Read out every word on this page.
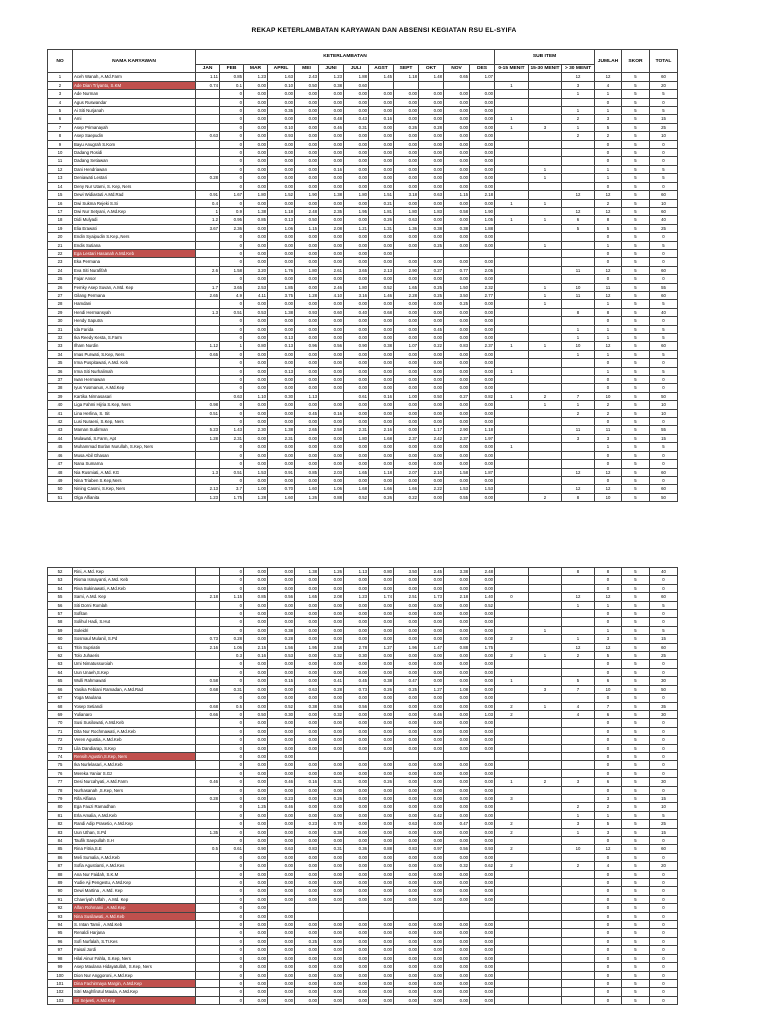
REKAP KETERLAMBATAN KARYAWAN DAN ABSENSI KEGIATAN RSU EL-SYIFA
NO	NAMA KARYAWAN	KETERLAMBATAN												SUB ITEM			JUMLAH	SKOR	TOTAL
		JAN	FEB	MAR	APRIL	MEI	JUNI	JULI	AGST	SEPT	OKT	NOV	DES	0-15 MENIT	15-30 MENIT	> 30 MENIT			
1	Aceh Wanah, A.Md.Farm	1.11	0.85	1.23	1.63	2.43	1.23	1.88	1.45	1.18	1.48	0.65	1.07			12	12	5	60
2	Ade Dian Triyanto, S.KM	0.74	0.1	0.00	0.10	0.50	0.38	0.60						1		3	4	5	20
3	Ade Nurman		0	0.00	0.00	0.00	0.00	0.00	0.00	0.00	0.00	0.00	0.00			1	1	5	5
4	Agus Ruswandar		0	0.00	0.00	0.00	0.00	0.00	0.00	0.00	0.00	0.00	0.00				0	5	0
5	Ai Siti Nurjanah		0	0.00	0.35	0.00	0.00	0.00	0.00	0.00	0.00	0.00	0.00			1	1	5	5
6	Ami		0	0.00	0.00	0.00	0.48	0.43	0.16	0.00	0.00	0.00	0.00	1		2	3	5	15
7	Asep Primanayah		0	0.00	0.10	0.00	0.46	0.31	0.00	0.26	0.28	0.00	0.00	1	3	1	5	5	25
8	Asep Saepudin	0.63	0	0.00	0.93	0.00	0.00	0.00	0.00	0.00	0.00	0.00	0.00			2	2	5	10
9	Bayu Anugrah S.Kom		0	0.00	0.00	0.00	0.00	0.00	0.00	0.00	0.00	0.00	0.00				0	5	0
10	Dadang Rosidi		0	0.00	0.00	0.00	0.00	0.00	0.00	0.00	0.00	0.00	0.00				0	5	0
11	Dadang Setiawan		0	0.00	0.00	0.00	0.00	0.00	0.00	0.00	0.00	0.00	0.00				0	5	0
12	Dani Hendriawan		0	0.00	0.00	0.00	0.16	0.00	0.00	0.00	0.00	0.00	0.00		1		1	5	5
13	Deniawati Lestari	0.28	0	0.00	0.00	0.00	0.00	0.00	0.00	0.00	0.00	0.00	0.00		1		1	5	5
14	Deny Nur Utami, S. Kep, Ners		0	0.00	0.00	0.00	0.00	0.00	0.00	0.00	0.00	0.00	0.00				0	5	0
15	Dewi Widiastuti A.Md.Rad	0.91	1.67	1.80	1.52	1.90	1.38	1.80	1.51	3.18	0.63	1.15	2.18			12	12	5	60
16	Dwi Sukma Rejeki S.Si	0.4	0	0.00	0.00	0.00	0.00	0.00	0.21	0.00	0.00	0.00	0.00	1	1		2	5	10
17	Dwi Nur Setyani, A.Md.Kep	1	0.9	1.38	1.18	2.48	2.35	1.95	1.81	1.80	1.83	0.58	1.90			12	12	5	60
18	Didi Mulyadi	1.2	0.95	0.85	0.13	0.50	0.00	0.00	0.26	0.63	0.00	0.00	1.05	1	1	6	8	5	40
19	Elia Erawati	3.67	2.36	0.00	1.06	1.15	2.08	1.21	1.31	1.36	0.38	0.38	1.88			5	5	5	25
20	Endin Syaipudin S.Kep.,Ners		0	0.00	0.00	0.00	0.00	0.00	0.00	0.00	0.00	0.00	0.00				0	5	0
21	Endis Sutiana		0	0.00	0.00	0.00	0.00	0.00	0.00	0.00	0.25	0.00	0.00		1		1	5	5
22	Ega Lestari Hasanah A.Md.Keb		0	0.00	0.00	0.00	0.00	0.00	0.00								0	5	0
23	Eka Permana		0	0.00	0.00	0.00	0.00	0.00	0.00	0.00	0.00	0.00	0.00				0	5	0
24	Eva Siti Nurafifah	2.6	1.58	3.20	1.76	1.80	2.61	3.65	2.13	2.90	0.27	0.77	2.05			11	12	5	60
25	Fajar Ansor		0	0.00	0.00	0.00	0.00	0.00	0.00	0.00	0.00	0.00	0.00				0	5	0
26	Femky Asep Suvan, A.Md. Kep	1.7	3.65	2.53	1.85	0.00	2.46	1.80	0.52	1.65	0.25	1.50	2.32		1	10	11	5	55
27	Gilang Permana	2.65	4.9	4.11	3.75	1.28	4.10	3.16	1.46	2.28	0.25	3.50	2.77		1	11	12	5	60
28	Hamdani		0	0.00	0.00	0.00	0.00	0.00	0.00	0.00	0.00	0.25	0.00		1		1	5	5
29	Hendi Hermansyah	1.3	0.51	0.53	1.38	0.93	0.60	0.40	0.68	0.00	0.00	0.00	0.00			8	8	5	40
30	Hendy Saputra		0	0.00	0.00	0.00	0.00	0.00	0.00	0.00	0.00	0.00	0.00				0	5	0
31	Ida Farida		0	0.00	0.00	0.00	0.00	0.00	0.00	0.00	0.45	0.00	0.00			1	1	5	5
32	Ika Reedy Kesta, S.Farm		0	0.00	0.13	0.00	0.00	0.00	0.00	0.00	0.00	0.00	0.00			1	1	5	5
33	Ilham Nurdin	1.12	1	0.80	0.13	0.96	0.56	0.90	0.38	1.07	0.22	0.83	2.37	1	1	10	12	5	60
34	Imas Purwati, S.Kep, Ners	0.65	0	0.00	0.00	0.00	0.00	0.00	0.00	0.00	0.00	0.00	0.00			1	1	5	5
35	Irma Puspitawati, A.Md. Keb		0	0.00	0.00	0.00	0.00	0.00	0.00	0.00	0.00	0.00	0.00				0	5	0
36	Irma Siti Nurhalimah		0	0.00	0.13	0.00	0.00	0.00	0.00	0.00	0.00	0.00	0.00	1			1	5	5
37	Iwan Hermawan		0	0.00	0.00	0.00	0.00	0.00	0.00	0.00	0.00	0.00	0.00				0	5	0
38	Iyus Yusmanun, A.Md.Kep		0	0.00	0.00	0.00	0.00	0.00	0.00	0.00	0.00	0.00	0.00				0	5	0
39	Kartika Nirmasasari		0.63	1.10	0.30	1.13		0.61	0.16	1.00	0.50	0.27	0.82	1	2	7	10	5	50
40	Liga Fahmi Hijria S.Kep, Ners	0.98	0	0.00	0.00	0.00	0.00	0.00	0.00	0.00	0.00	0.00	0.00		1	1	2	5	10
41	Lina Herlina, S. Sit	0.51	0	0.00	0.00	0.45	0.16	0.00	0.00	0.00	0.00	0.00	0.00			2	2	5	10
42	Lusi Nuraeni, S.Kep, Ners		0	0.00	0.00	0.00	0.00	0.00	0.00	0.00	0.00	0.00	0.00				0	5	0
43	Maman Sudirman	5.23	1.43	2.30	1.38	2.65	2.58	2.31	2.16	0.00	1.17	2.90	1.18			11	11	5	55
44	Mulawati, S.Farm, Apt	1.28	2.31	0.00	2.31	0.00	0.00	1.80	1.68	2.37	2.42	2.37	1.97			3	3	5	15
45	Muhammad Borlan Nurullah, S.Kep, Ners		0	0.00	0.00	0.00	0.00	0.00	0.00	0.00	0.00	0.00	0.00	1			1	5	5
46	Musa Abil Ghasan		0	0.00	0.00	0.00	0.00	0.00	0.00	0.00	0.00	0.00	0.00				0	5	0
47	Nana Sumarna		0	0.00	0.00	0.00	0.00	0.00	0.00	0.00	0.00	0.00	0.00				0	5	0
48	Nia Rusmiati, A.Md. KG	1.3	0.51	1.53	0.91	0.85	2.03	1.65	1.18	2.07	2.10	1.58	1.87			12	12	5	60
49	Nina Triaben S.Kep,Ners		0	0.00	0.00	0.00	0.00	0.00	0.00	0.00	0.00	0.00	0.00				0	5	0
50	Nining Casmi, S.Kep, Ners	2.13	3.7	1.00	0.70	1.60	1.06	1.68	1.66	1.66	2.22	1.53	1.53			12	12	5	60
51	Olga Alfianita	1.23	1.75	1.28	1.60	1.26	0.88	0.52	0.26	0.22	0.00	0.55	0.00		2	8	10	5	50
52	Rini, A.Md. Kep		0	0.00	0.00	1.38	1.26	1.13	0.80	3.50	2.45	3.38	2.48			8	8	5	40
53	Risma Ismayanti, A.Md. Keb		0	0.00	0.00	0.00	0.00	0.00	0.00	0.00	0.00	0.00	0.00				0	5	0
54	Riva Sukinawati, A.Md.Keb		0	0.00	0.00	0.00	0.00	0.00	0.00	0.00	0.00	0.00	0.00				0	5	0
55	Sami, A.Md. Kep	2.18	1.15	0.85	0.56	1.65	2.08	1.23	1.74	2.51	1.73	2.18	1.40	0		12	12	5	60
56	Siti Dorni Romlah		0	0.00	0.00	0.00	0.00	0.00	0.00	0.00	0.00	0.00	0.52			1	1	5	5
57	Sofitan		0	0.00	0.00	0.00	0.00	0.00	0.00	0.00	0.00	0.00	0.00				0	5	0
58	Solihul Hadi, S.Hut		0	0.00	0.00	0.00	0.00	0.00	0.00	0.00	0.00	0.00	0.00				0	5	0
59	Soleidri		0	0.00	0.38	0.00	0.00	0.00	0.00	0.00	0.00	0.00	0.00		1		1	5	5
60	Sosmaul Mulanil, S.Pd	0.73	0.28	0.00	0.28	0.00	0.00	0.00	0.00	0.00	0.00	0.00	0.00	2		1	3	5	15
61	Titin Supriatin	2.16	1.06	2.15	1.56	1.95	2.58	2.78	1.27	1.96	1.47	0.88	1.75			12	12	5	60
62	Tolo Juhaeris		0.3	0.16	0.53	0.00	0.32	0.30	0.00	0.00	0.00	0.00	0.00	2	1	2	5	5	25
63	Umi Nimatussuroiah		0	0.00	0.00	0.00	0.00	0.00	0.00	0.00	0.00	0.00	0.00				0	5	0
64	Uun Unaeh,S.Kep		0	0.00	0.00	0.00	0.00	0.00	0.00	0.00	0.00	0.00	0.00				0	5	0
65	Wulli Rahmawati	0.58	0	0.00	0.15	0.00	0.41	0.45	0.38	0.47	0.00	0.00	0.00	1		5	6	5	30
66	Yasika Febiani Ramadan, A.Md.Rad	0.68	0.31	0.00	0.00	0.63	0.28	0.73	0.26	0.25	1.27	1.08	0.00		3	7	10	5	50
67	Yoga Maulana		0	0.00	0.00	0.00	0.00	0.00	0.00	0.00	0.00	0.00	0.00				0	5	0
68	Yosep Setiandi	0.68	0.5	0.00	0.52	0.38	0.56	0.56	0.00	0.00	0.00	0.00	0.00	2	1	4	7	5	35
69	Yulianaro	0.66	0	0.50	0.30	0.00	0.32	0.00	0.00	0.00	0.46	0.00	1.03	2		4	6	5	30
70	Susi Susilowati, A.Md.Keb		0	0.00	0.00	0.00	0.00	0.00	0.00	0.00	0.00	0.00	0.00				0	5	0
71	Dita Nur Rochmawati, A.Md.Keb		0	0.00	0.00	0.00	0.00	0.00	0.00	0.00	0.00	0.00	0.00				0	5	0
72	Veren Agustia, A.Md.Keb		0	0.00	0.00	0.00	0.00	0.00	0.00	0.00	0.00	0.00	0.00				0	5	0
73	Lila Dandiarap, S.Kep		0	0.00	0.00	0.00	0.00	0.00	0.00	0.00	0.00	0.00	0.00				0	5	0
74	Rensih Agustin,S.Kep, Ners		0	0.00	0.00												0	5	0
75	Ika Nurlelasari, A.Md.Keb		0	0.00	0.00	0.00	0.00	0.00	0.00	0.00	0.00	0.00	0.00				0	5	0
76	Mereka Yaniar S.Gz		0	0.00	0.00	0.00	0.00	0.00	0.00	0.00	0.00	0.00	0.00				0	5	0
77	Desi Nurcahyati, A.Md.Farm	0.46	0	0.00	0.46	0.16	0.31	0.00	0.26	0.00	0.00	0.00	0.00	1	2	3	6	5	30
78	Nurhasanah ,S.Kep, Ners		0	0.00	0.00	0.00	0.00	0.00	0.00	0.00	0.00	0.00	0.00				0	5	0
79	Rifa Alfiana	0.28	0	0.00	0.23	0.00	0.26	0.00	0.00	0.00	0.00	0.00	0.00	3			3	5	15
80	Ega Fauzi Ramadhan		0	1.25	0.46	0.00	0.00	0.00	0.00	0.00	0.00	0.00	0.00			2	2	5	10
81	Erla Amalia, A.Md.Keb		0	0.00	0.00	0.00	0.00	0.00	0.00	0.00	0.42	0.00	0.00			1	1	5	5
82	Randi Adip Prasetio, A.Md.Kep		0	0.00	0.00	0.23	0.70	0.00	0.00	0.63	0.00	0.47	0.00	2		3	5	5	25
83	Uun Uthan, S.Pd	1.35	0	0.00	0.00	0.00	0.38	0.00	0.00	0.00	0.00	0.00	0.00	2		1	3	5	15
84	Taufik Saepullah S.H		0	0.00	0.00	0.00	0.00	0.00	0.00	0.00	0.00	0.00	0.00				0	5	0
85	Rina Fitria,S.E	0.5	0.61	0.90	0.63	0.83	0.31	0.36	0.88	0.83	0.97	0.56	0.93	2		10	12	5	60
86	Meli Sumalia, A.Md.Keb		0	0.00	0.00	0.00	0.00	0.00	0.00	0.00	0.00	0.00	0.00				0	5	0
87	Sofia Agustianti, A.Md.Kes		0	0.00	0.00	0.00	0.00	0.00	0.00	0.00	0.00	0.32	0.62	2		2	4	5	20
88	Ana Nur Faidah, S.K.M		0	0.00	0.00	0.00	0.00	0.00	0.00	0.00	0.00	0.00	0.00				0	5	0
89	Yudie Aji Pengestu, A.Md.Kep		0	0.00	0.00	0.00	0.00	0.00	0.00	0.00	0.00	0.00	0.00				0	5	0
90	Dewi Martina , A.Md. Kep		0	0.00	0.00	0.00	0.00	0.00	0.00	0.00	0.00	0.00	0.00				0	5	0
91	Chaeriyah Ulfah , A.Md. Kep		0	0.00	0.00	0.00	0.00	0.00	0.00	0.00	0.00	0.00	0.00				0	5	0
92	Alfan Rohmanii , A.Md.Kep		0	0.00													0	5	0
93	Nina Susilawati, A.Md.Keb		0	0.00	0.00												0	5	0
94	S. Intan Tamii , A.Md.Keb		0	0.00	0.00	0.00	0.00	0.00	0.00	0.00	0.00	0.00	0.00				0	5	0
95	Renaldi Harjana		0	0.00	0.00	0.00	0.00	0.00	0.00	0.00	0.00	0.00	0.00				0	5	0
96	Sofi Nurfalah, S.Tr.Kes		0	0.00	0.00	0.25	0.00	0.00	0.00	0.00	0.00	0.00	0.00				0	5	0
97	Faisal Jordi		0	0.00	0.00	0.00	0.00	0.00	0.00	0.00	0.00	0.00	0.00				0	5	0
98	Hilal Ainur Fahla, S.Kep, Ners		0	0.00	0.00	0.00	0.00	0.00	0.00	0.00	0.00	0.00	0.00				0	5	0
99	Asep Maulana Hidayatullah, S.Kep, Ners		0	0.00	0.00	0.00	0.00	0.00	0.00	0.00	0.00	0.00	0.00				0	5	0
100	Dion Nur Anggoroni, A.Md.Kep		0	0.00	0.00	0.00	0.00	0.00	0.00	0.00	0.00	0.00	0.00				0	5	0
101	Dina Fachirmaya Margin, A.Md.Kep		0	0.00	0.00	0.00	0.00	0.00	0.00	0.00	0.00	0.00	0.00				0	5	0
102	Sitri Maghfirotul Maula, A.Md.Kep		0	0.00	0.00	0.00	0.00	0.00	0.00	0.00	0.00	0.00	0.00				0	5	0
103	Sri Sejweti, A.Md.Kep		0	0.00	0.00	0.00	0.00	0.00	0.00	0.00	0.00	0.00	0.00				0	5	0
